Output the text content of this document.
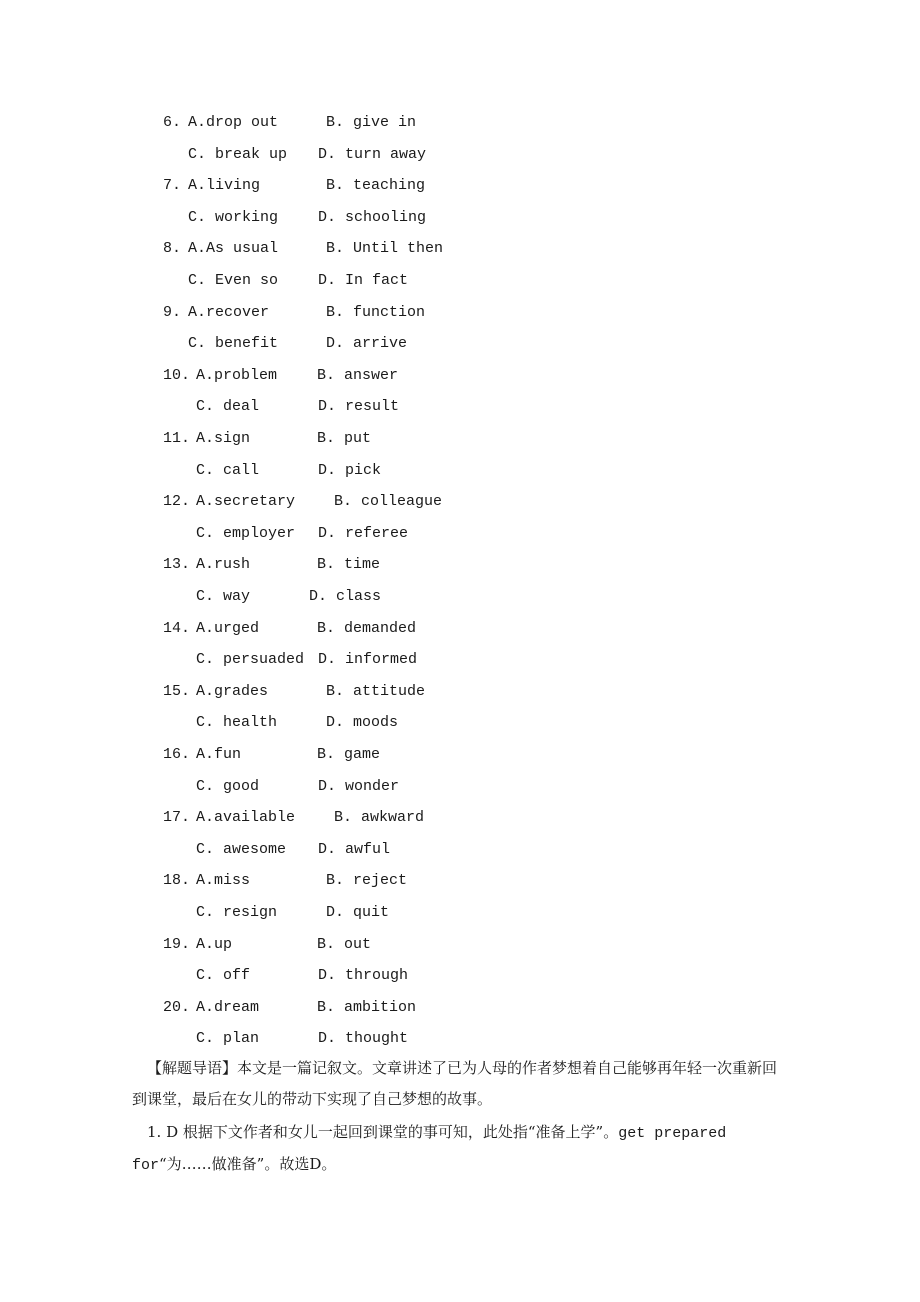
6. A.drop out	B. give in
C. break up D. turn away
7. A.living	B. teaching
C. working	D. schooling
8. A.As usual	B. Until then
C. Even so	D. In fact
9. A.recover	B. function
C. benefit	D. arrive
10. A.problem	B. answer
C. deal	D. result
11. A.sign	B. put
C. call	D. pick
12. A.secretary	B. colleague
C. employer D. referee
13. A.rush	B. time
C. way	D. class
14. A.urged	B. demanded
C. persuaded D. informed
15. A.grades	B. attitude
C. health	D. moods
16. A.fun	B. game
C. good	D. wonder
17. A.available	B. awkward
C. awesome D. awful
18. A.miss	B. reject
C. resign	D. quit
19. A.up	B. out
C. off	D. through
20. A.dream	B. ambition
C. plan	D. thought
【解题导语】本文是一篇记叙文。文章讲述了已为人母的作者梦想着自己能够再年轻一次重新回到课堂，最后在女儿的带动下实现了自己梦想的故事。
1. D 根据下文作者和女儿一起回到课堂的事可知，此处指“准备上学”。get prepared for“为……做准备”。故选D。
